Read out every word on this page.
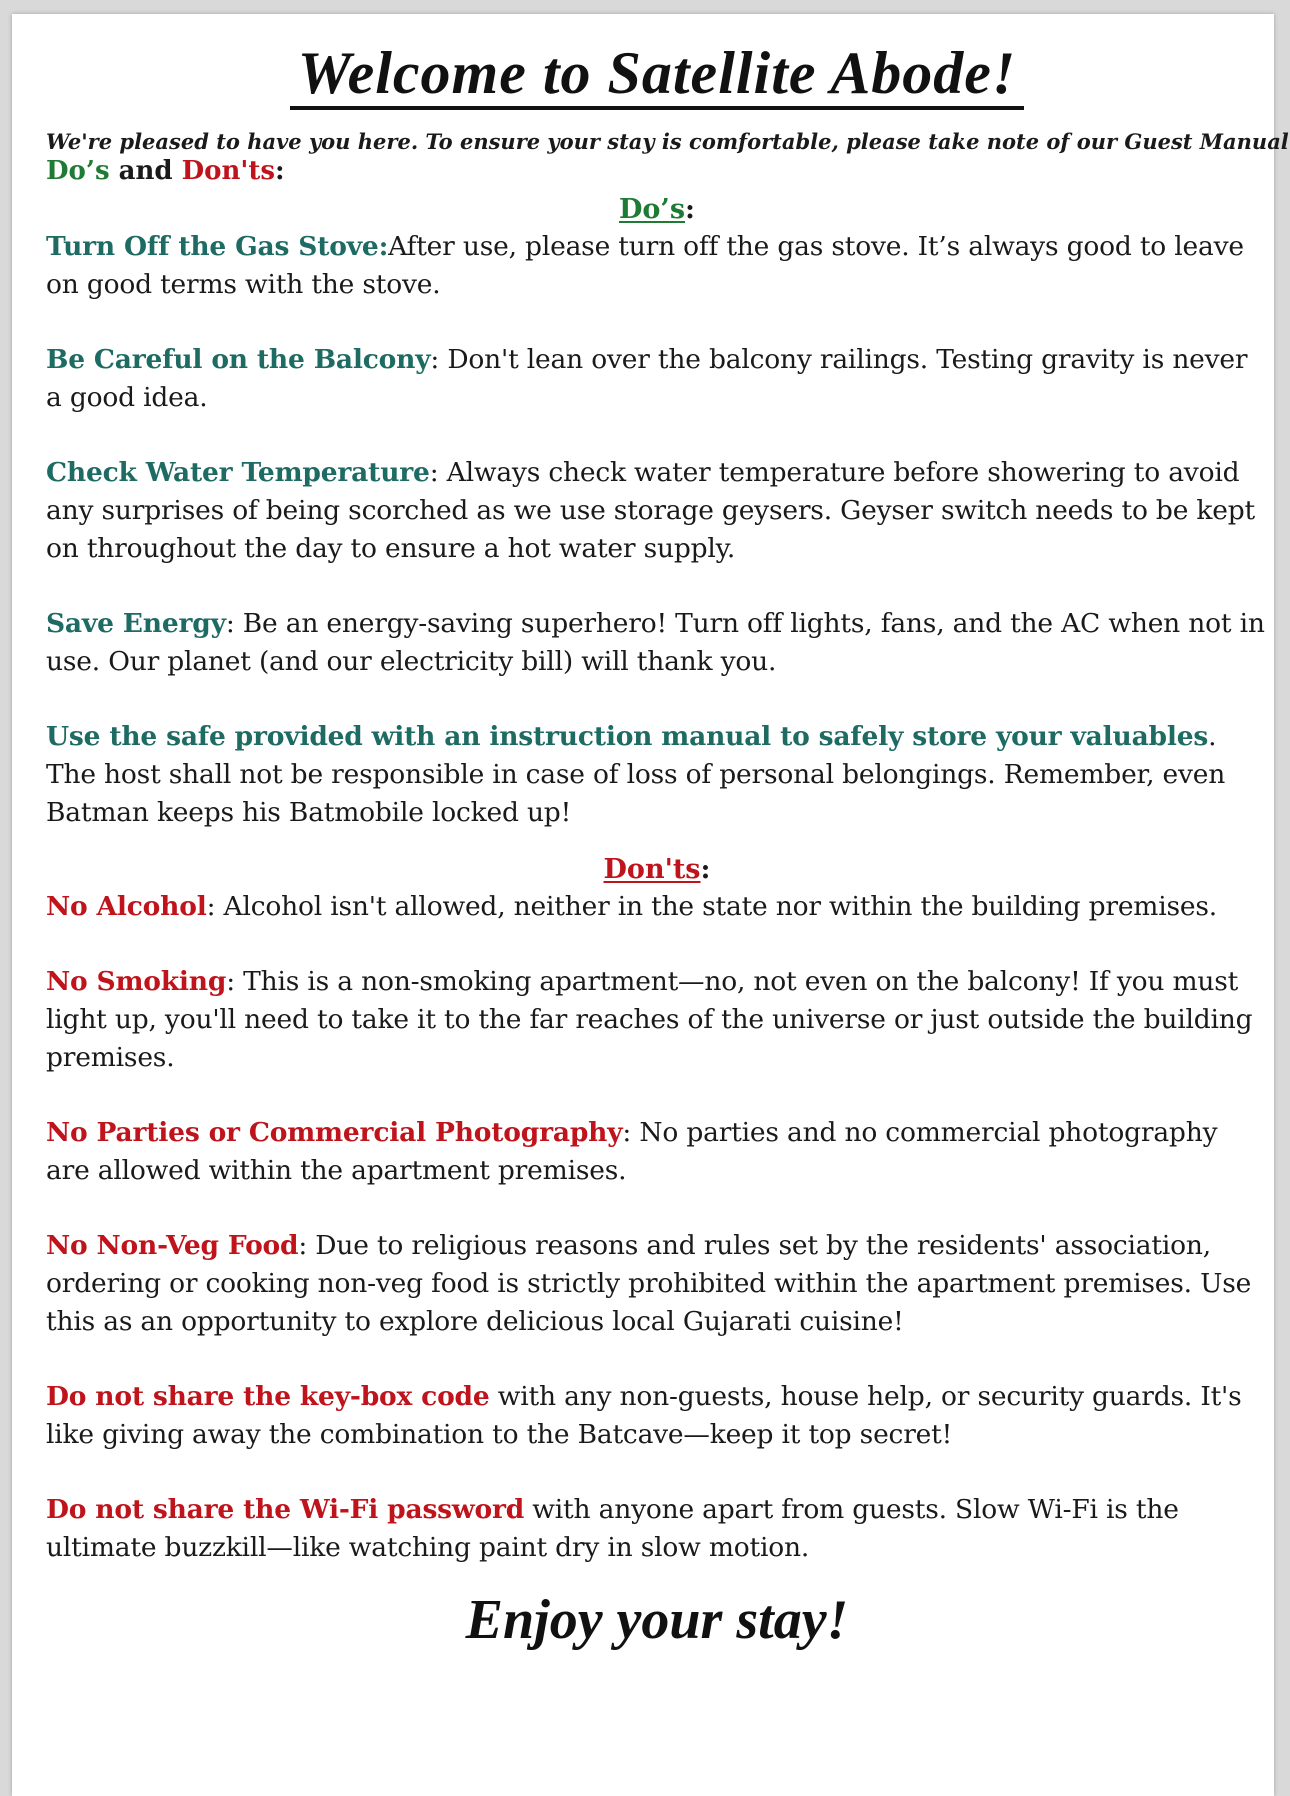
Welcome to Satellite Abode!
We're pleased to have you here. To ensure your stay is comfortable, please take note of our Guest Manual
Do’s and Don'ts:
Do’s:

Turn Off the Gas Stove:After use, please turn off the gas stove. It’s always good to leave on good terms with the stove.

Be Careful on the Balcony: Don't lean over the balcony railings. Testing gravity is never a good idea.

Check Water Temperature: Always check water temperature before showering to avoid any surprises of being scorched as we use storage geysers. Geyser switch needs to be kept on throughout the day to ensure a hot water supply.

Save Energy: Be an energy-saving superhero! Turn off lights, fans, and the AC when not in use. Our planet (and our electricity bill) will thank you.

Use the safe provided with an instruction manual to safely store your valuables. The host shall not be responsible in case of loss of personal belongings. Remember, even Batman keeps his Batmobile locked up!

Don'ts:

No Alcohol: Alcohol isn't allowed, neither in the state nor within the building premises.

No Smoking: This is a non-smoking apartment—no, not even on the balcony! If you must light up, you'll need to take it to the far reaches of the universe or just outside the building premises.

No Parties or Commercial Photography: No parties and no commercial photography are allowed within the apartment premises.

No Non-Veg Food: Due to religious reasons and rules set by the residents' association, ordering or cooking non-veg food is strictly prohibited within the apartment premises. Use this as an opportunity to explore delicious local Gujarati cuisine!

Do not share the key-box code with any non-guests, house help, or security guards. It's like giving away the combination to the Batcave—keep it top secret!

Do not share the Wi-Fi password with anyone apart from guests. Slow Wi-Fi is the ultimate buzzkill—like watching paint dry in slow motion.

Enjoy your stay!
